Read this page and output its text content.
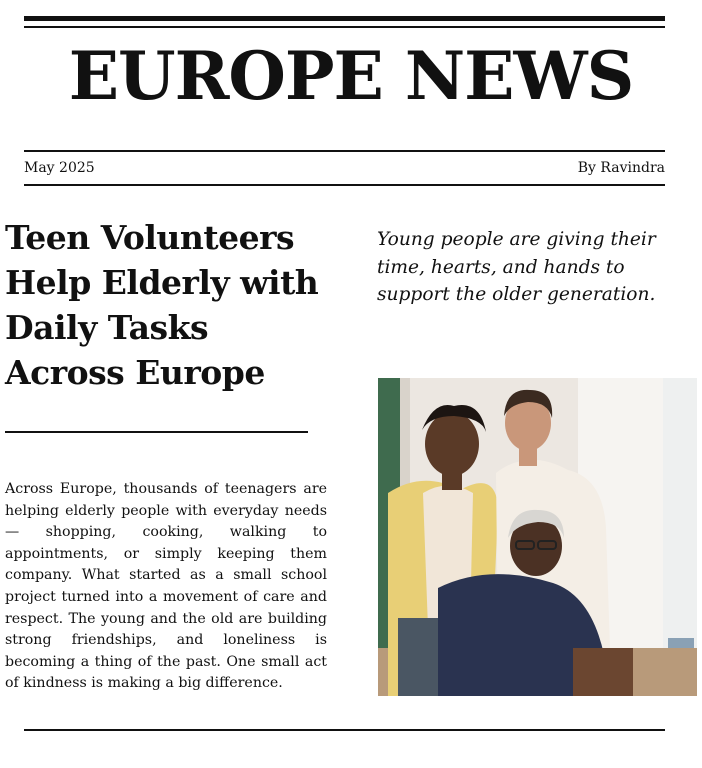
EUROPE NEWS
May 2025	By Ravindra
Teen Volunteers Help Elderly with Daily Tasks Across Europe

Across Europe, thousands of teenagers are helping elderly people with everyday needs — shopping, cooking, walking to appointments, or simply keeping them company. What started as a small school project turned into a movement of care and respect. The young and the old are building strong friendships, and loneliness is becoming a thing of the past. One small act of kindness is making a big difference.

Young people are giving their time, hearts, and hands to support the older generation.
